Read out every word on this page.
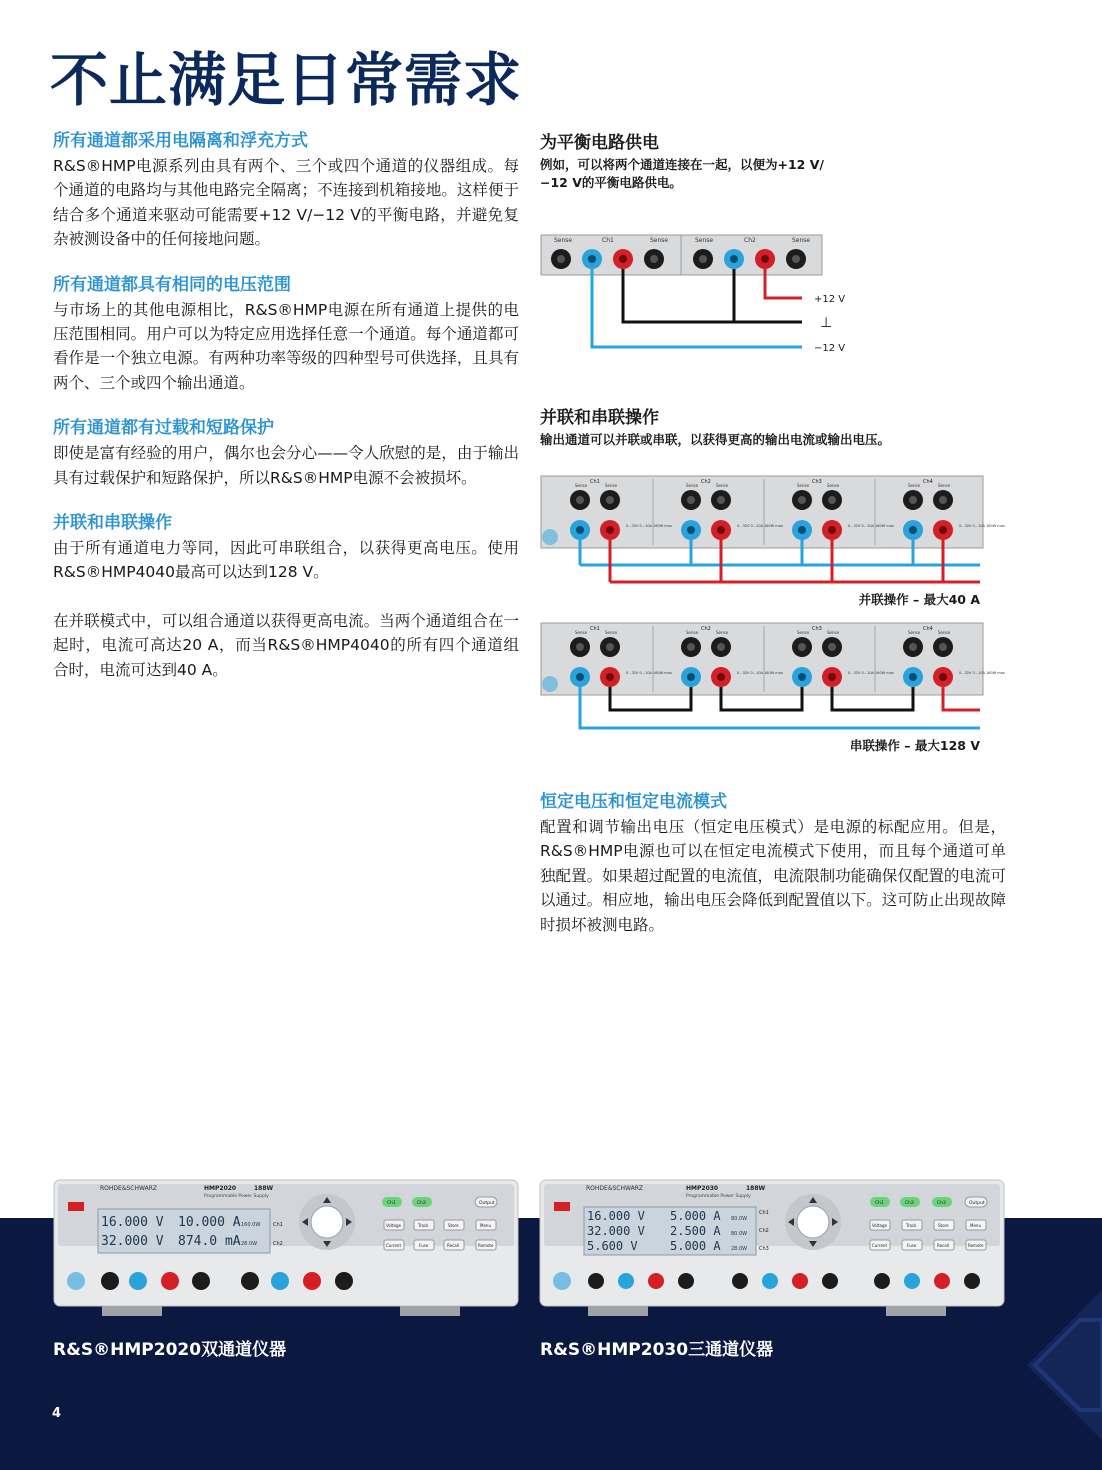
不止满足日常需求
所有通道都采用电隔离和浮充方式

R&S®HMP电源系列由具有两个、三个或四个通道的仪器组成。每个通道的电路均与其他电路完全隔离；不连接到机箱接地。这样便于结合多个通道来驱动可能需要+12 V/−12 V的平衡电路，并避免复杂被测设备中的任何接地问题。

所有通道都具有相同的电压范围

与市场上的其他电源相比，R&S®HMP电源在所有通道上提供的电压范围相同。用户可以为特定应用选择任意一个通道。每个通道都可看作是一个独立电源。有两种功率等级的四种型号可供选择，且具有两个、三个或四个输出通道。

所有通道都有过载和短路保护

即使是富有经验的用户，偶尔也会分心——令人欣慰的是，由于输出具有过载保护和短路保护，所以R&S®HMP电源不会被损坏。

并联和串联操作

由于所有通道电力等同，因此可串联组合，以获得更高电压。使用R&S®HMP4040最高可以达到128 V。

在并联模式中，可以组合通道以获得更高电流。当两个通道组合在一起时，电流可高达20 A，而当R&S®HMP4040的所有四个通道组合时，电流可达到40 A。

为平衡电路供电

例如，可以将两个通道连接在一起，以便为+12 V/−12 V的平衡电路供电。

Sense	Sense
Ch1	Sense	Sense
Ch2
+12 V
⊥
−12 V
并联和串联操作

输出通道可以并联或串联，以获得更高的输出电流或输出电压。

Ch1
Sense	Sense
0...32V 0...10A 160W max
Ch2
Sense	Sense
0...32V 0...10A 160W max
Ch3
Sense	Sense
0...32V 0...10A 160W max
Ch4
Sense	Sense
0...32V 0...10A 160W max
并联操作 – 最大40 A
Ch1
Sense	Sense
0...32V 0...10A 160W max
Ch2
Sense	Sense
0...32V 0...10A 160W max
Ch3
Sense	Sense
0...32V 0...10A 160W max
Ch4
Sense	Sense
0...32V 0...10A 160W max
串联操作 – 最大128 V
恒定电压和恒定电流模式

配置和调节输出电压（恒定电压模式）是电源的标配应用。但是，R&S®HMP电源也可以在恒定电流模式下使用，而且每个通道可单独配置。如果超过配置的电流值，电流限制功能确保仅配置的电流可以通过。相应地，输出电压会降低到配置值以下。这可防止出现故障时损坏被测电路。

ROHDE&SCHWARZ	HMP2020	188W
Programmable Power Supply
16.000 V 10.000 A 160.0W	Ch1
32.000 V 874.0 mA 28.0W	Ch2
Ch1	Ch2	Output
Voltage	Track	Store	Menu
Current	Fuse	Recall	Remote
R&S®HMP2020双通道仪器
ROHDE&SCHWARZ	HMP2030	188W
Programmable Power Supply
16.000 V 5.000 A 80.0W
Ch1
32.000 V 2.500 A 80.0W Ch2
5.600 V	5.000 A 28.0W Ch3
Ch1	Ch2	Ch3	Output
Voltage	Track	Store	Menu
Current	Fuse	Recall	Remote
R&S®HMP2030三通道仪器
4
